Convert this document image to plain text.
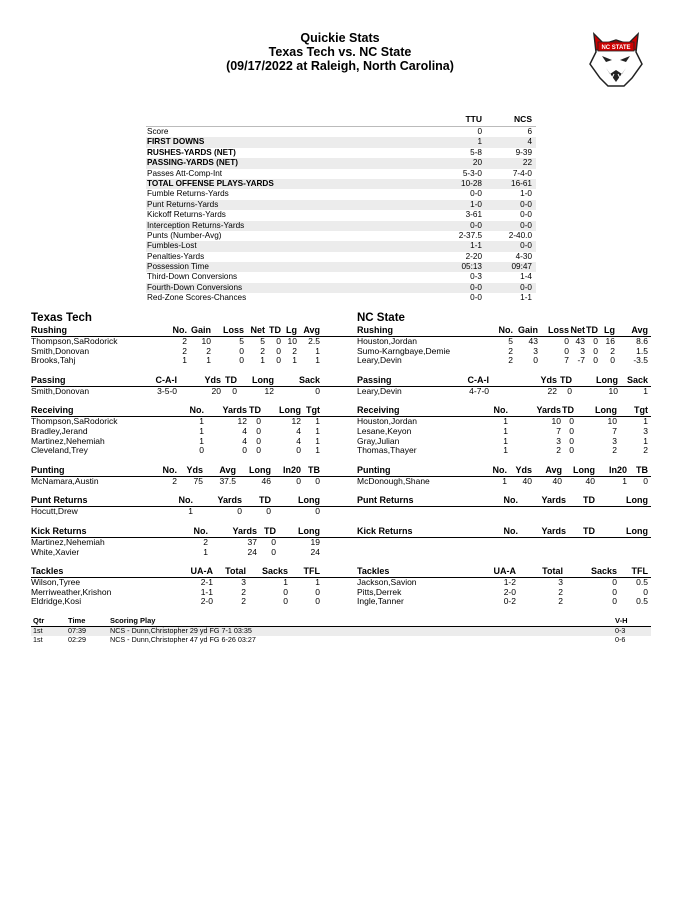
Quickie Stats
Texas Tech vs. NC State
(09/17/2022 at Raleigh, North Carolina)
NC STATE
TTU	NCS
Score	0	6
FIRST DOWNS	1	4
RUSHES-YARDS (NET)	5-8	9-39
PASSING-YARDS (NET)	20	22
Passes Att-Comp-Int	5-3-0	7-4-0
TOTAL OFFENSE PLAYS-YARDS	10-28	16-61
Fumble Returns-Yards	0-0	1-0
Punt Returns-Yards	1-0	0-0
Kickoff Returns-Yards	3-61	0-0
Interception Returns-Yards	0-0	0-0
Punts (Number-Avg)	2-37.5	2-40.0
Fumbles-Lost	1-1	0-0
Penalties-Yards	2-20	4-30
Possession Time	05:13	09:47
Third-Down Conversions	0-3	1-4
Fourth-Down Conversions	0-0	0-0
Red-Zone Scores-Chances	0-0	1-1
Texas Tech
Rushing	No. Gain Loss Net TD Lg Avg
Thompson,SaRodorick	2 10	5 5 0 10 2.5
Smith,Donovan	2 2	0 2 0 2 1
Brooks,Tahj	1 1	0 1 0 1 1
Passing	C-A-I	Yds TD Long	Sack
Smith,Donovan	3-5-0	20 0	12	0
Receiving	No. Yards TD Long Tgt
Thompson,SaRodorick	1	12 0	12 1
Bradley,Jerand	1	4 0	4 1
Martinez,Nehemiah	1	4 0	4 1
Cleveland,Trey	0	0 0	0 1
Punting	No. Yds Avg Long In20 TB
McNamara,Austin	2 75 37.5	46	0 0
Punt Returns	No.	Yards TD	Long
Hocutt,Drew	1	0	0	0
Kick Returns	No.	Yards TD Long
Martinez,Nehemiah	2	37 0	19
White,Xavier	1	24 0	24
Tackles	UA-A Total Sacks TFL
Wilson,Tyree	2-1	3	1	1
Merriweather,Krishon	1-1	2	0	0
Eldridge,Kosi	2-0	2	0	0
NC State
Rushing	No. Gain Loss Net TD Lg Avg
Houston,Jordan	5 43	0 43 0 16 8.6
Sumo-Karngbaye,Demie	2 3	0 3 0 2 1.5
Leary,Devin	2 0	7 -7 0 0 -3.5
Passing	C-A-I	Yds TD	Long Sack
Leary,Devin	4-7-0	22 0	10	1
Receiving	No.	Yards TD Long Tgt
Houston,Jordan	1	10 0	10	1
Lesane,Keyon	1	7 0	7	3
Gray,Julian	1	3 0	3	1
Thomas,Thayer	1	2 0	2	2
Punting	No. Yds Avg Long In20 TB
McDonough,Shane	1 40 40	40	1 0
Punt Returns	No.	Yards TD	Long
Kick Returns	No.	Yards TD	Long
Tackles	UA-A	Total	Sacks TFL
Jackson,Savion	1-2	3	0 0.5
Pitts,Derrek	2-0	2	0	0
Ingle,Tanner	0-2	2	0 0.5
Qtr	Time	Scoring Play	V-H
1st	07:39	NCS - Dunn,Christopher 29 yd FG 7-1 03:35	0-3
1st	02:29	NCS - Dunn,Christopher 47 yd FG 6-26 03:27	0-6
